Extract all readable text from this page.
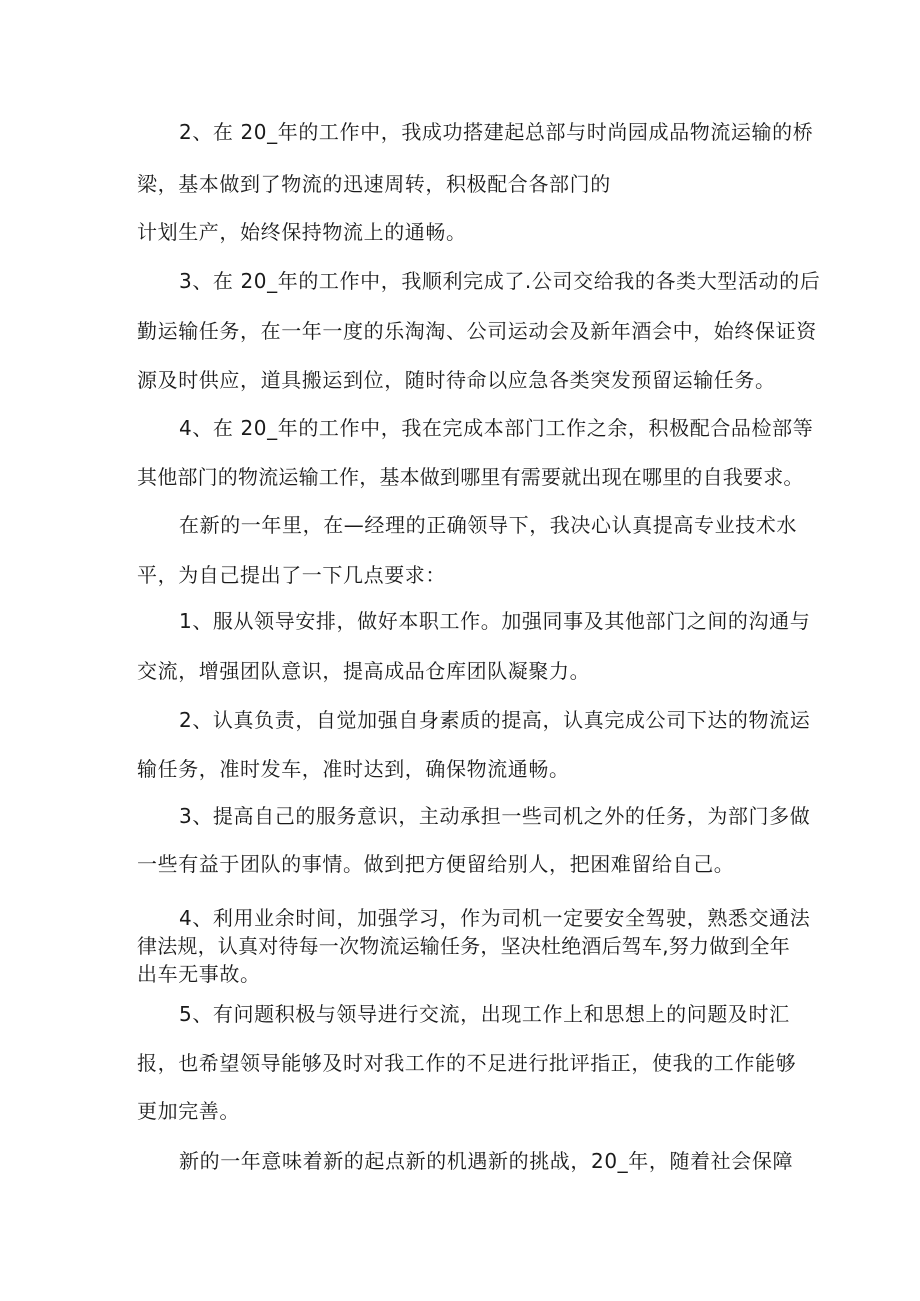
2、在 20_年的工作中，我成功搭建起总部与时尚园成品物流运输的桥
梁，基本做到了物流的迅速周转，积极配合各部门的
计划生产，始终保持物流上的通畅。
3、在 20_年的工作中，我顺利完成了.公司交给我的各类大型活动的后
勤运输任务，在一年一度的乐淘淘、公司运动会及新年酒会中，始终保证资
源及时供应，道具搬运到位，随时待命以应急各类突发预留运输任务。
4、在 20_年的工作中，我在完成本部门工作之余，积极配合品检部等
其他部门的物流运输工作，基本做到哪里有需要就出现在哪里的自我要求。
在新的一年里，在—经理的正确领导下，我决心认真提高专业技术水
平，为自己提出了一下几点要求：
1、服从领导安排，做好本职工作。加强同事及其他部门之间的沟通与
交流，增强团队意识，提高成品仓库团队凝聚力。
2、认真负责，自觉加强自身素质的提高，认真完成公司下达的物流运
输任务，准时发车，准时达到，确保物流通畅。
3、提高自己的服务意识，主动承担一些司机之外的任务，为部门多做
一些有益于团队的事情。做到把方便留给别人，把困难留给自己。
4、利用业余时间，加强学习，作为司机一定要安全驾驶，熟悉交通法
律法规，认真对待每一次物流运输任务，坚决杜绝酒后驾车,努力做到全年
出车无事故。
5、有问题积极与领导进行交流，出现工作上和思想上的问题及时汇
报，也希望领导能够及时对我工作的不足进行批评指正，使我的工作能够
更加完善。
新的一年意味着新的起点新的机遇新的挑战，20_年，随着社会保障
